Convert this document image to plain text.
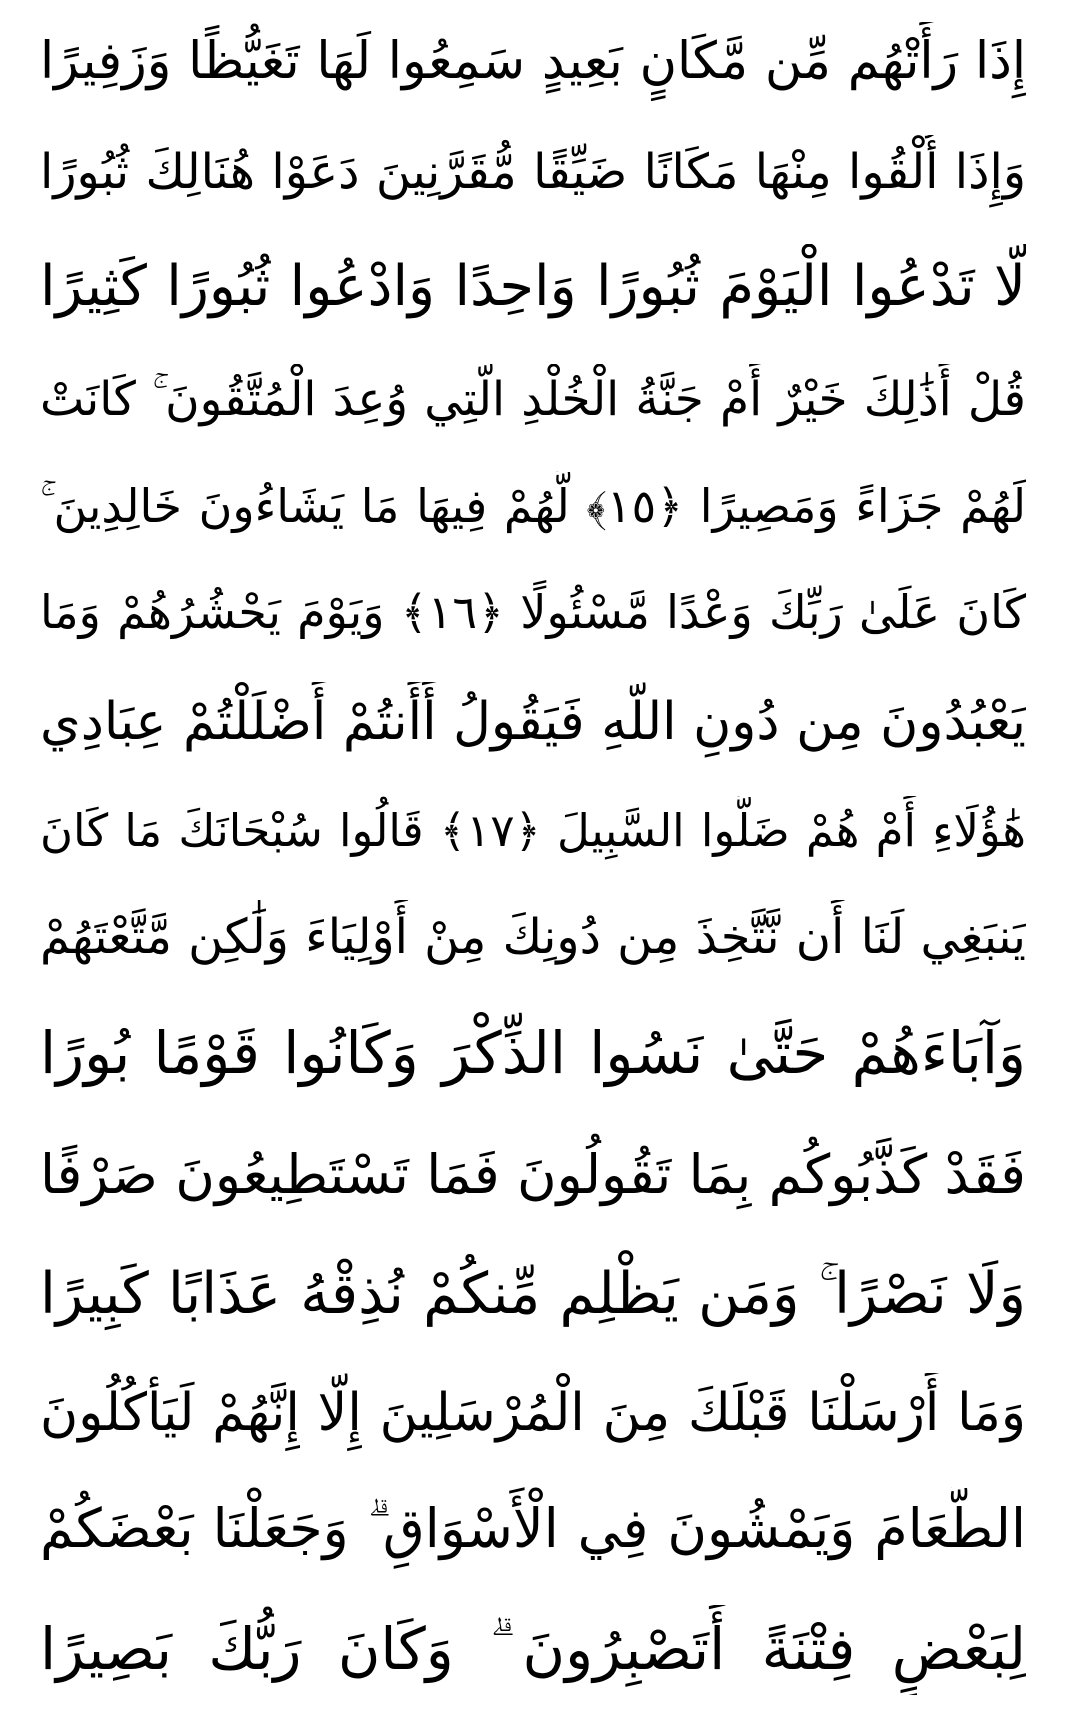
إِذَا رَأَتْهُم مِّن مَّكَانٍ بَعِيدٍ سَمِعُوا لَهَا تَغَيُّظًا وَزَفِيرًا
وَإِذَا أُلْقُوا مِنْهَا مَكَانًا ضَيِّقًا مُّقَرَّنِينَ دَعَوْا هُنَالِكَ ثُبُورًا
لَّا تَدْعُوا الْيَوْمَ ثُبُورًا وَاحِدًا وَادْعُوا ثُبُورًا كَثِيرًا
قُلْ أَذَٰلِكَ خَيْرٌ أَمْ جَنَّةُ الْخُلْدِ الَّتِي وُعِدَ الْمُتَّقُونَ ۚ كَانَتْ
لَهُمْ جَزَاءً وَمَصِيرًا ﴿١٥﴾ لَّهُمْ فِيهَا مَا يَشَاءُونَ خَالِدِينَ ۚ
كَانَ عَلَىٰ رَبِّكَ وَعْدًا مَّسْئُولًا ﴿١٦﴾ وَيَوْمَ يَحْشُرُهُمْ وَمَا
يَعْبُدُونَ مِن دُونِ اللَّهِ فَيَقُولُ أَأَنتُمْ أَضْلَلْتُمْ عِبَادِي
هَٰؤُلَاءِ أَمْ هُمْ ضَلُّوا السَّبِيلَ ﴿١٧﴾ قَالُوا سُبْحَانَكَ مَا كَانَ
يَنبَغِي لَنَا أَن نَّتَّخِذَ مِن دُونِكَ مِنْ أَوْلِيَاءَ وَلَٰكِن مَّتَّعْتَهُمْ
وَآبَاءَهُمْ حَتَّىٰ نَسُوا الذِّكْرَ وَكَانُوا قَوْمًا بُورًا
فَقَدْ كَذَّبُوكُم بِمَا تَقُولُونَ فَمَا تَسْتَطِيعُونَ صَرْفًا
وَلَا نَصْرًا ۚ وَمَن يَظْلِم مِّنكُمْ نُذِقْهُ عَذَابًا كَبِيرًا
وَمَا أَرْسَلْنَا قَبْلَكَ مِنَ الْمُرْسَلِينَ إِلَّا إِنَّهُمْ لَيَأْكُلُونَ
الطَّعَامَ وَيَمْشُونَ فِي الْأَسْوَاقِ ۗ وَجَعَلْنَا بَعْضَكُمْ
لِبَعْضٍ فِتْنَةً أَتَصْبِرُونَ ۗ وَكَانَ رَبُّكَ بَصِيرًا
